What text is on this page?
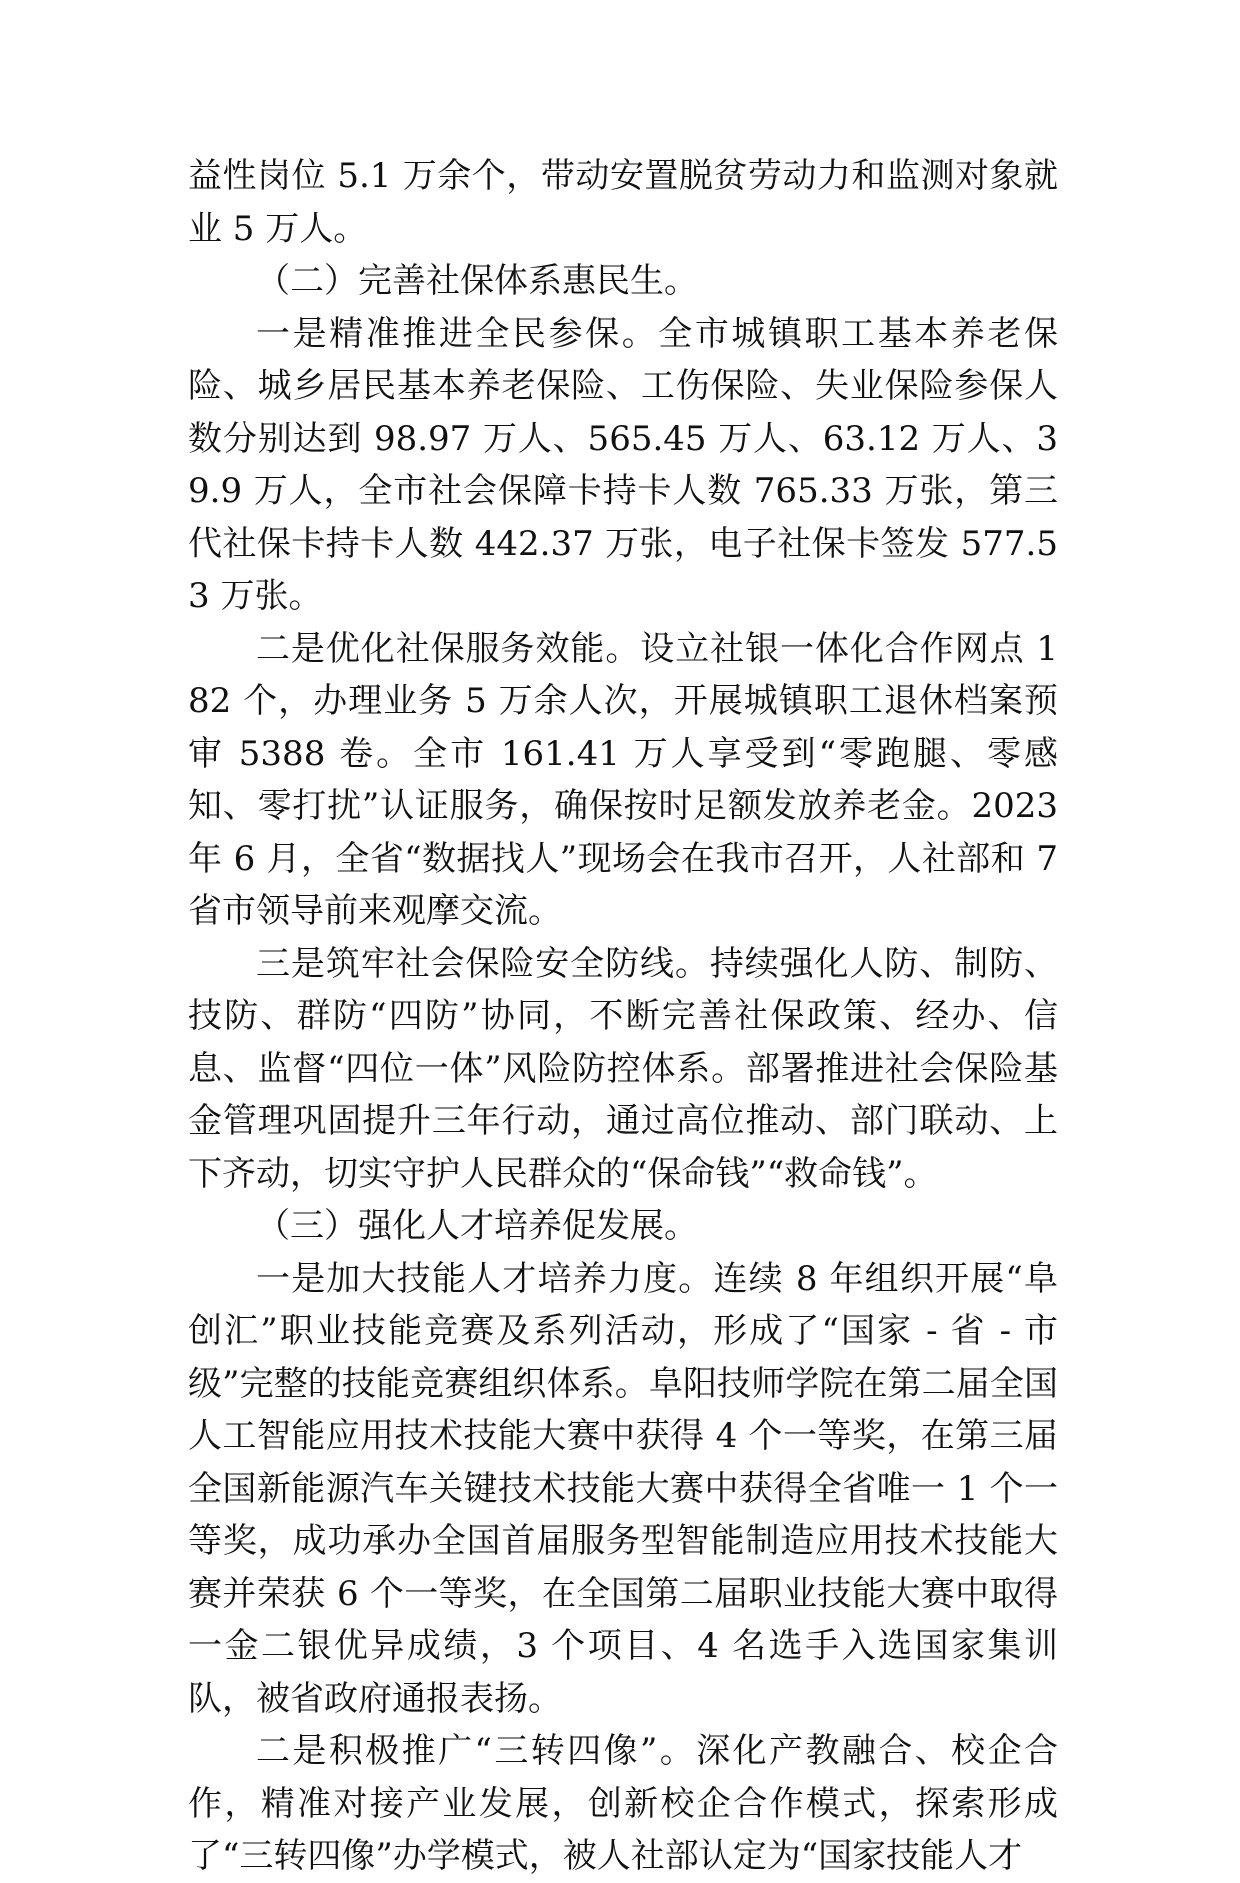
益性岗位 5.1 万余个，带动安置脱贫劳动力和监测对象就业 5 万人。

（二）完善社保体系惠民生。

一是精准推进全民参保。全市城镇职工基本养老保险、城乡居民基本养老保险、工伤保险、失业保险参保人数分别达到 98.97 万人、565.45 万人、63.12 万人、39.9 万人，全市社会保障卡持卡人数 765.33 万张，第三代社保卡持卡人数 442.37 万张，电子社保卡签发 577.53 万张。

二是优化社保服务效能。设立社银一体化合作网点 182 个，办理业务 5 万余人次，开展城镇职工退休档案预审 5388 卷。全市 161.41 万人享受到“零跑腿、零感知、零打扰”认证服务，确保按时足额发放养老金。2023 年 6 月，全省“数据找人”现场会在我市召开，人社部和 7 省市领导前来观摩交流。

三是筑牢社会保险安全防线。持续强化人防、制防、技防、群防“四防”协同，不断完善社保政策、经办、信息、监督“四位一体”风险防控体系。部署推进社会保险基金管理巩固提升三年行动，通过高位推动、部门联动、上下齐动，切实守护人民群众的“保命钱”“救命钱”。

（三）强化人才培养促发展。

一是加大技能人才培养力度。连续 8 年组织开展“阜创汇”职业技能竞赛及系列活动，形成了“国家 - 省 - 市级”完整的技能竞赛组织体系。阜阳技师学院在第二届全国人工智能应用技术技能大赛中获得 4 个一等奖，在第三届全国新能源汽车关键技术技能大赛中获得全省唯一 1 个一等奖，成功承办全国首届服务型智能制造应用技术技能大赛并荣获 6 个一等奖，在全国第二届职业技能大赛中取得一金二银优异成绩，3 个项目、4 名选手入选国家集训队，被省政府通报表扬。

二是积极推广“三转四像”。深化产教融合、校企合作，精准对接产业发展，创新校企合作模式，探索形成了“三转四像”办学模式，被人社部认定为“国家技能人才
